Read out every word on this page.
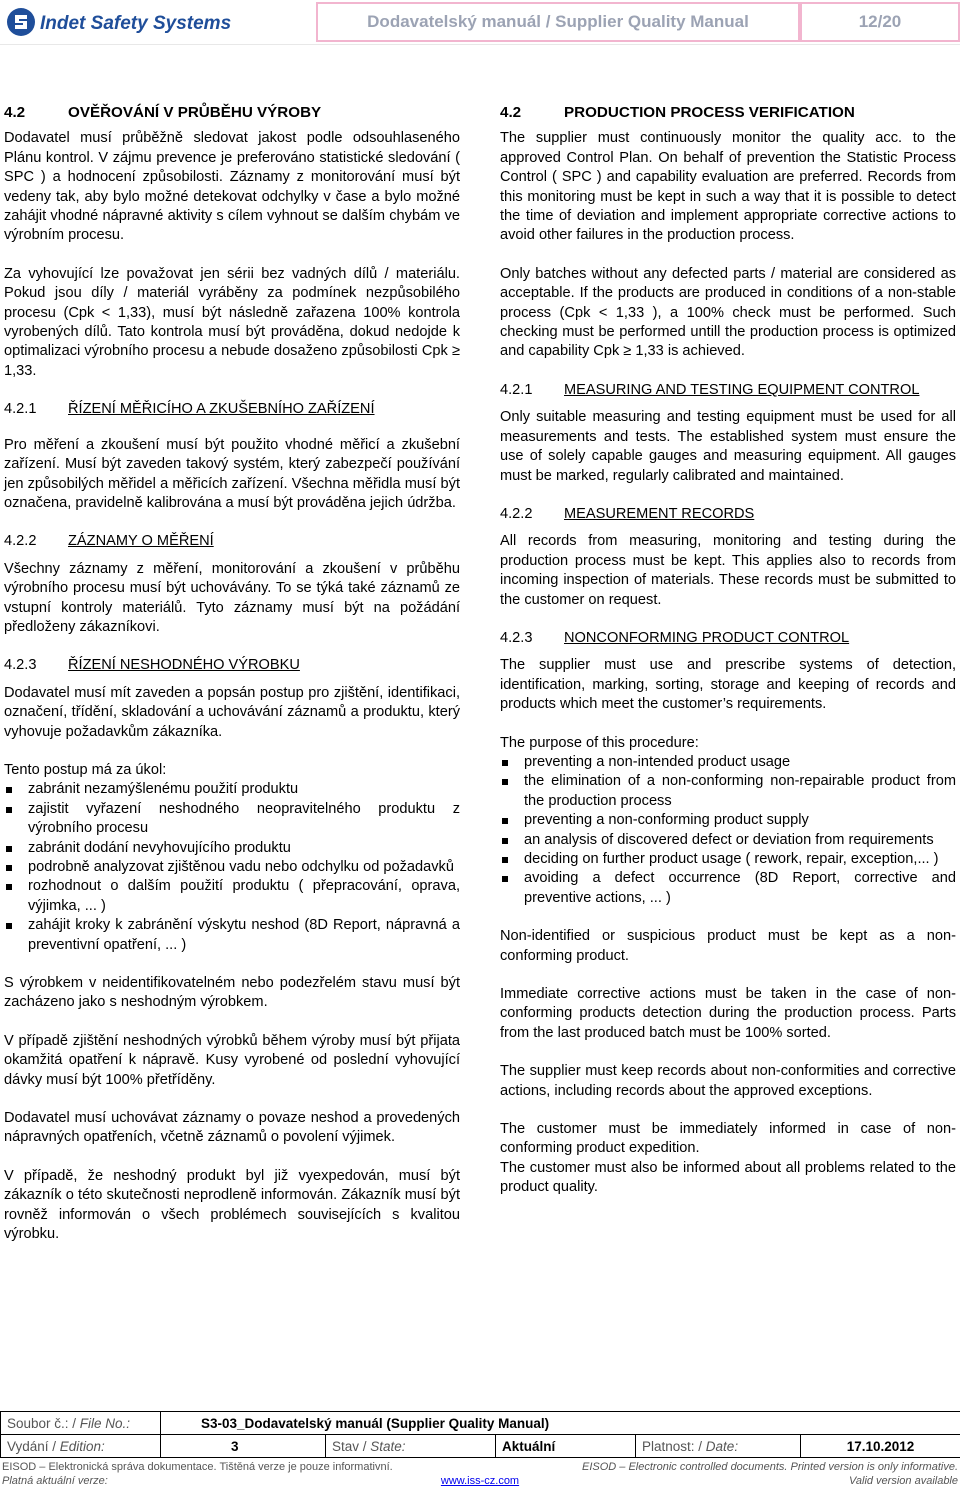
Indet Safety Systems	Dodavatelský manuál / Supplier Quality Manual	12/20
4.2	OVĚŘOVÁNÍ V PRŮBĚHU VÝROBY

Dodavatel musí průběžně sledovat jakost podle odsouhlaseného Plánu kontrol. V zájmu prevence je preferováno statistické sledování ( SPC ) a hodnocení způsobilosti. Záznamy z monitorování musí být vedeny tak, aby bylo možné detekovat odchylky v čase a bylo možné zahájit vhodné nápravné aktivity s cílem vyhnout se dalším chybám ve výrobním procesu.

Za vyhovující lze považovat jen sérii bez vadných dílů / materiálu. Pokud jsou díly / materiál vyráběny za podmínek nezpůsobilého procesu (Cpk < 1,33), musí být následně zařazena 100% kontrola vyrobených dílů. Tato kontrola musí být prováděna, dokud nedojde k optimalizaci výrobního procesu a nebude dosaženo způsobilosti Cpk ≥ 1,33.

4.2.1	ŘÍZENÍ MĚŘICÍHO A ZKUŠEBNÍHO ZAŘÍZENÍ

Pro měření a zkoušení musí být použito vhodné měřicí a zkušební zařízení. Musí být zaveden takový systém, který zabezpečí používání jen způsobilých měřidel a měřicích zařízení. Všechna měřidla musí být označena, pravidelně kalibrována a musí být prováděna jejich údržba.

4.2.2	ZÁZNAMY O MĚŘENÍ

Všechny záznamy z měření, monitorování a zkoušení v průběhu výrobního procesu musí být uchovávány. To se týká také záznamů ze vstupní kontroly materiálů. Tyto záznamy musí být na požádání předloženy zákazníkovi.

4.2.3	ŘÍZENÍ NESHODNÉHO VÝROBKU

Dodavatel musí mít zaveden a popsán postup pro zjištění, identifikaci, označení, třídění, skladování a uchovávání záznamů a produktu, který vyhovuje požadavkům zákazníka.

Tento postup má za úkol:

zabránit nezamýšlenému použití produktu
zajistit vyřazení neshodného neopravitelného produktu z výrobního procesu
zabránit dodání nevyhovujícího produktu
podrobně analyzovat zjištěnou vadu nebo odchylku od požadavků
rozhodnout o dalším použití produktu ( přepracování, oprava, výjimka, ... )
zahájit kroky k zabránění výskytu neshod (8D Report, nápravná a preventivní opatření, ... )

S výrobkem v neidentifikovatelném nebo podezřelém stavu musí být zacházeno jako s neshodným výrobkem.

V případě zjištění neshodných výrobků během výroby musí být přijata okamžitá opatření k nápravě. Kusy vyrobené od poslední vyhovující dávky musí být 100% přetříděny.

Dodavatel musí uchovávat záznamy o povaze neshod a provedených nápravných opatřeních, včetně záznamů o povolení výjimek.

V případě, že neshodný produkt byl již vyexpedován, musí být zákazník o této skutečnosti neprodleně informován. Zákazník musí být rovněž informován o všech problémech souvisejících s kvalitou výrobku.

4.2	PRODUCTION PROCESS VERIFICATION

The supplier must continuously monitor the quality acc. to the approved Control Plan. On behalf of prevention the Statistic Process Control ( SPC ) and capability evaluation are preferred. Records from this monitoring must be kept in such a way that it is possible to detect the time of deviation and implement appropriate corrective actions to avoid other failures in the production process.

Only batches without any defected parts / material are considered as acceptable. If the products are produced in conditions of a non-stable process (Cpk < 1,33 ), a 100% check must be performed. Such checking must be performed untill the production process is optimized and capability Cpk ≥ 1,33 is achieved.

4.2.1	MEASURING AND TESTING EQUIPMENT CONTROL

Only suitable measuring and testing equipment must be used for all measurements and tests. The established system must ensure the use of solely capable gauges and measuring equipment. All gauges must be marked, regularly calibrated and maintained.

4.2.2	MEASUREMENT RECORDS

All records from measuring, monitoring and testing during the production process must be kept. This applies also to records from incoming inspection of materials. These records must be submitted to the customer on request.

4.2.3	NONCONFORMING PRODUCT CONTROL

The supplier must use and prescribe systems of detection, identification, marking, sorting, storage and keeping of records and products which meet the customer’s requirements.

The purpose of this procedure:

preventing a non-intended product usage
the elimination of a non-conforming non-repairable product from the production process
preventing a non-conforming product supply
an analysis of discovered defect or deviation from requirements
deciding on further product usage ( rework, repair, exception,... )
avoiding a defect occurrence (8D Report, corrective and preventive actions, ... )

Non-identified or suspicious product must be kept as a non-conforming product.

Immediate corrective actions must be taken in the case of non-conforming products detection during the production process. Parts from the last produced batch must be 100% sorted.

The supplier must keep records about non-conformities and corrective actions, including records about the approved exceptions.

The customer must be immediately informed in case of non-conforming product expedition.

The customer must also be informed about all problems related to the product quality.

Soubor č.: / File No.:	S3-03_Dodavatelský manuál (Supplier Quality Manual)				
Vydání / Edition:	3	Stav / State:	Aktuální	Platnost: / Date:	17.10.2012
EISOD – Elektronická správa dokumentace. Tištěná verze je pouze informativní.	EISOD – Electronic controlled documents. Printed version is only informative.
Platná aktuální verze:	www.iss-cz.com	Valid version available
